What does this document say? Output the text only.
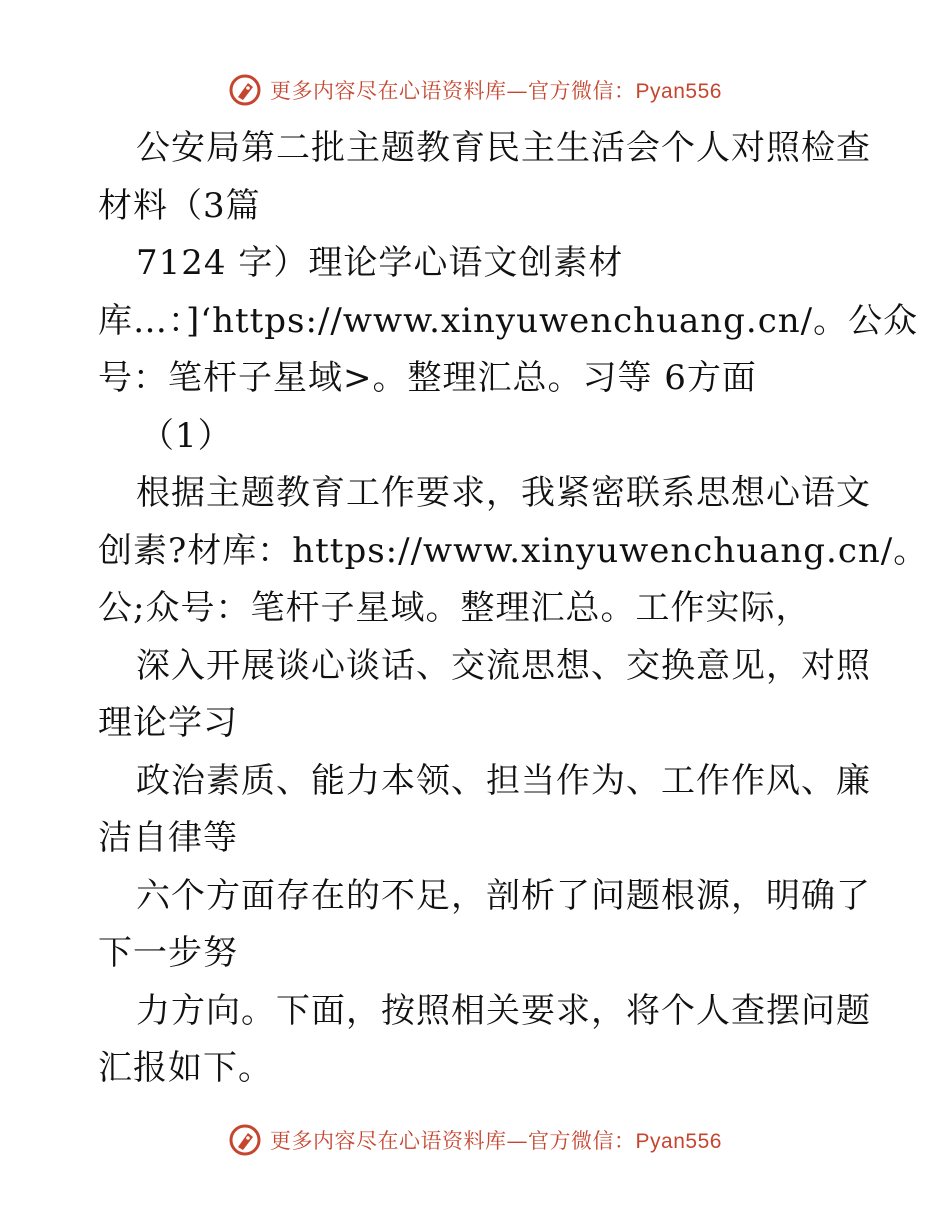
更多内容尽在心语资料库—官方微信：Pyan556
公安局第二批主题教育民主生活会个人对照检查
材料（3篇
7124 字）理论学心语文创素材
库…：]‘https://www.xinyuwenchuang.cn/。公众
号：笔杆子星域>。整理汇总。习等 6方面
（1）
根据主题教育工作要求，我紧密联系思想心语文
创素?材库：https://www.xinyuwenchuang.cn/。
公;众号：笔杆子星域。整理汇总。工作实际，
深入开展谈心谈话、交流思想、交换意见，对照
理论学习
政治素质、能力本领、担当作为、工作作风、廉
洁自律等
六个方面存在的不足，剖析了问题根源，明确了
下一步努
力方向。下面，按照相关要求，将个人查摆问题
汇报如下。
更多内容尽在心语资料库—官方微信：Pyan556
